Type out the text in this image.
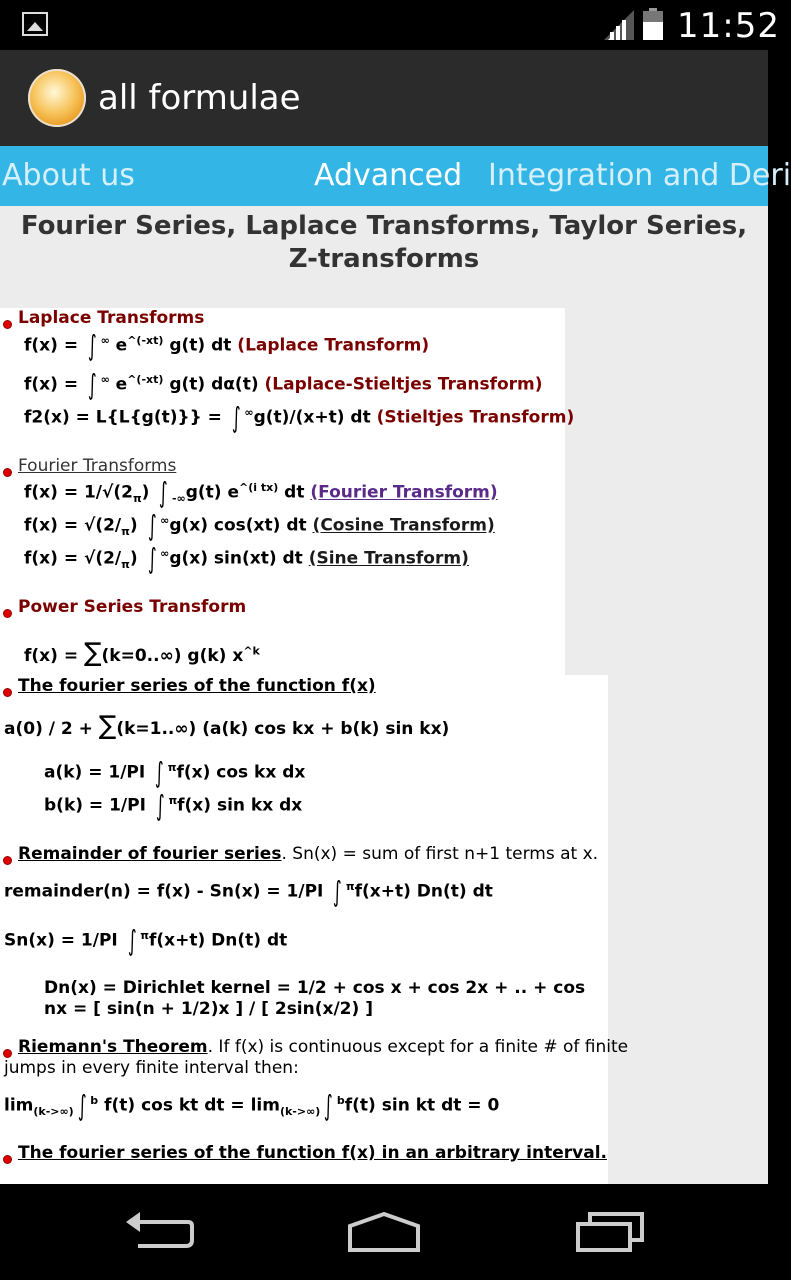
11:52
all formulae
About us	Advanced Integration and Deri
Fourier Series, Laplace Transforms, Taylor Series,
Z-transforms
Laplace Transforms
f(x) = ∫ ∞ $e^{\^{}(-xt)}$ g(t) dt (Laplace Transform)
f(x) = ∫ ∞ $e^{\^{}(-xt)}$ g(t) dα(t) (Laplace-Stieltjes Transform)
f2(x) = L{L{g(t)}} = ∫ ∞g(t)/(x+t) dt (Stieltjes Transform)
Fourier Transforms
$f(x) = 1/√(2_\pi)$ ∫ $_{-\infty}$g(t) $e^{\^{}(i tx)}$ dt (Fourier Transform)
$f(x) = √(2/_\pi)$ ∫ ∞g(x) cos(xt) dt (Cosine Transform)
$f(x) = √(2/_\pi)$ ∫ ∞g(x) sin(xt) dt (Sine Transform)
Power Series Transform
f(x) = ∑(k=0..∞) g(k) $x^{\^{}k}$
The fourier series of the function f(x)
a(0) / 2 + ∑(k=1..∞) (a(k) cos kx + b(k) sin kx)
a(k) = 1/PI ∫ $^\pi$f(x) cos kx dx
b(k) = 1/PI ∫ $^\pi$f(x) sin kx dx
Remainder of fourier series. Sn(x) = sum of first n+1 terms at x.
remainder(n) = f(x) - Sn(x) = 1/PI ∫ $^\pi$f(x+t) Dn(t) dt
Sn(x) = 1/PI ∫ $^\pi$f(x+t) Dn(t) dt
Dn(x) = Dirichlet kernel = 1/2 + cos x + cos 2x + .. + cos
nx = [ sin(n + 1/2)x ] / [ 2sin(x/2) ]
Riemann's Theorem. If f(x) is continuous except for a finite # of finite
jumps in every finite interval then:
$\lim_{(k->\infty)}$ ∫ $^b$ f(t) cos kt dt = $\lim_{(k->\infty)}$ ∫ $^b$f(t) sin kt dt = 0
The fourier series of the function f(x) in an arbitrary interval.
